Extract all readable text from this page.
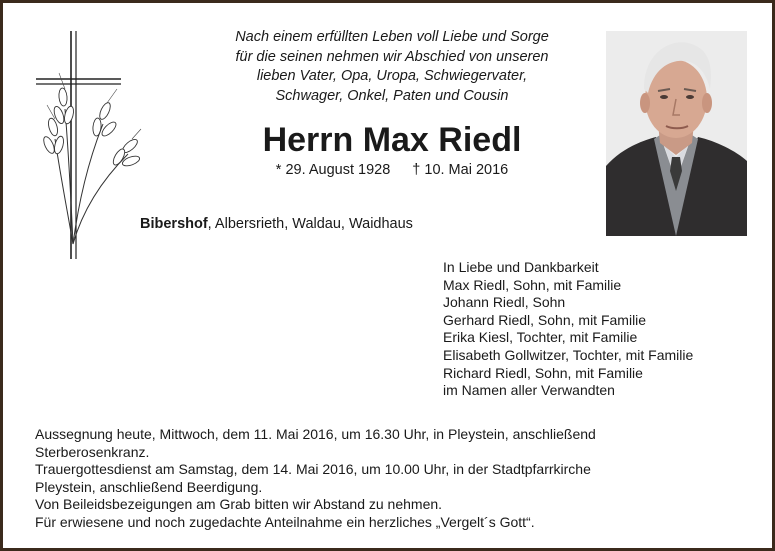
Nach einem erfüllten Leben voll Liebe und Sorge
für die seinen nehmen wir Abschied von unseren
lieben Vater, Opa, Uropa, Schwiegervater,
Schwager, Onkel, Paten und Cousin
Herrn Max Riedl
* 29. August 1928 † 10. Mai 2016
Bibershof, Albersrieth, Waldau, Waidhaus
In Liebe und Dankbarkeit
Max Riedl, Sohn, mit Familie
Johann Riedl, Sohn
Gerhard Riedl, Sohn, mit Familie
Erika Kiesl, Tochter, mit Familie
Elisabeth Gollwitzer, Tochter, mit Familie
Richard Riedl, Sohn, mit Familie
im Namen aller Verwandten
Aussegnung heute, Mittwoch, dem 11. Mai 2016, um 16.30 Uhr, in Pleystein, anschließend
Sterberosenkranz.
Trauergottesdienst am Samstag, dem 14. Mai 2016, um 10.00 Uhr, in der Stadtpfarrkirche
Pleystein, anschließend Beerdigung.
Von Beileidsbezeigungen am Grab bitten wir Abstand zu nehmen.
Für erwiesene und noch zugedachte Anteilnahme ein herzliches „Vergelt´s Gott“.
